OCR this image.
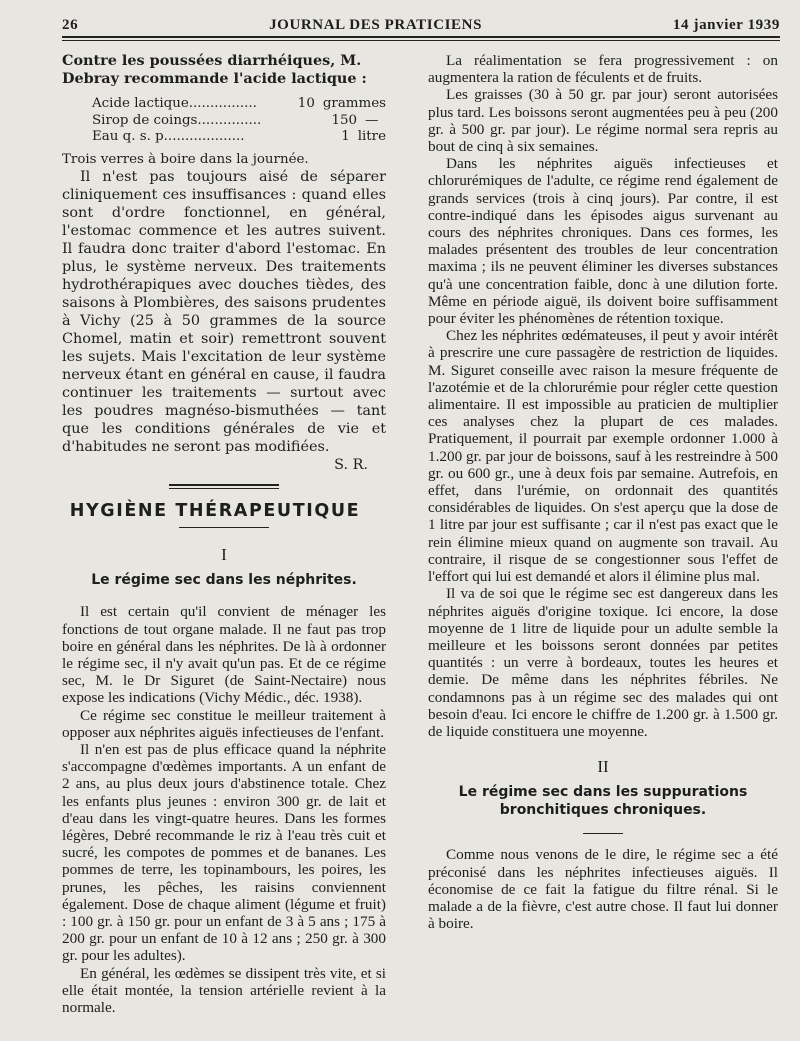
26	JOURNAL DES PRATICIENS	14 janvier 1939

Contre les poussées diarrhéiques, M. Debray recommande l'acide lactique :

Acide lactique................	10 grammes
Sirop de coings...............	150 —
Eau q. s. p...................	1 litre

Trois verres à boire dans la journée.

Il n'est pas toujours aisé de séparer cliniquement ces insuffisances : quand elles sont d'ordre fonctionnel, en général, l'estomac commence et les autres suivent. Il faudra donc traiter d'abord l'estomac. En plus, le système nerveux. Des traitements hydrothérapiques avec douches tièdes, des saisons à Plombières, des saisons prudentes à Vichy (25 à 50 grammes de la source Chomel, matin et soir) remettront souvent les sujets. Mais l'excitation de leur système nerveux étant en général en cause, il faudra continuer les traitements — surtout avec les poudres magnéso-bismuthées — tant que les conditions générales de vie et d'habitudes ne seront pas modifiées.

S. R.

HYGIÈNE THÉRAPEUTIQUE
I
Le régime sec dans les néphrites.

Il est certain qu'il convient de ménager les fonctions de tout organe malade. Il ne faut pas trop boire en général dans les néphrites. De là à ordonner le régime sec, il n'y avait qu'un pas. Et de ce régime sec, M. le Dr Siguret (de Saint-Nectaire) nous expose les indications (Vichy Médic., déc. 1938).

Ce régime sec constitue le meilleur traitement à opposer aux néphrites aiguës infectieuses de l'enfant.

Il n'en est pas de plus efficace quand la néphrite s'accompagne d'œdèmes importants. A un enfant de 2 ans, au plus deux jours d'abstinence totale. Chez les enfants plus jeunes : environ 300 gr. de lait et d'eau dans les vingt-quatre heures. Dans les formes légères, Debré recommande le riz à l'eau très cuit et sucré, les compotes de pommes et de bananes. Les pommes de terre, les topinambours, les poires, les prunes, les pêches, les raisins conviennent également. Dose de chaque aliment (légume et fruit) : 100 gr. à 150 gr. pour un enfant de 3 à 5 ans ; 175 à 200 gr. pour un enfant de 10 à 12 ans ; 250 gr. à 300 gr. pour les adultes).

En général, les œdèmes se dissipent très vite, et si elle était montée, la tension artérielle revient à la normale.

La réalimentation se fera progressivement : on augmentera la ration de féculents et de fruits.

Les graisses (30 à 50 gr. par jour) seront autorisées plus tard. Les boissons seront augmentées peu à peu (200 gr. à 500 gr. par jour). Le régime normal sera repris au bout de cinq à six semaines.

Dans les néphrites aiguës infectieuses et chlorurémiques de l'adulte, ce régime rend également de grands services (trois à cinq jours). Par contre, il est contre-indiqué dans les épisodes aigus survenant au cours des néphrites chroniques. Dans ces formes, les malades présentent des troubles de leur concentration maxima ; ils ne peuvent éliminer les diverses substances qu'à une concentration faible, donc à une dilution forte. Même en période aiguë, ils doivent boire suffisamment pour éviter les phénomènes de rétention toxique.

Chez les néphrites œdémateuses, il peut y avoir intérêt à prescrire une cure passagère de restriction de liquides. M. Siguret conseille avec raison la mesure fréquente de l'azotémie et de la chlorurémie pour régler cette question alimentaire. Il est impossible au praticien de multiplier ces analyses chez la plupart de ces malades. Pratiquement, il pourrait par exemple ordonner 1.000 à 1.200 gr. par jour de boissons, sauf à les restreindre à 500 gr. ou 600 gr., une à deux fois par semaine. Autrefois, en effet, dans l'urémie, on ordonnait des quantités considérables de liquides. On s'est aperçu que la dose de 1 litre par jour est suffisante ; car il n'est pas exact que le rein élimine mieux quand on augmente son travail. Au contraire, il risque de se congestionner sous l'effet de l'effort qui lui est demandé et alors il élimine plus mal.

Il va de soi que le régime sec est dangereux dans les néphrites aiguës d'origine toxique. Ici encore, la dose moyenne de 1 litre de liquide pour un adulte semble la meilleure et les boissons seront données par petites quantités : un verre à bordeaux, toutes les heures et demie. De même dans les néphrites fébriles. Ne condamnons pas à un régime sec des malades qui ont besoin d'eau. Ici encore le chiffre de 1.200 gr. à 1.500 gr. de liquide constituera une moyenne.

II
Le régime sec dans les suppurations bronchitiques chroniques.

Comme nous venons de le dire, le régime sec a été préconisé dans les néphrites infectieuses aiguës. Il économise de ce fait la fatigue du filtre rénal. Si le malade a de la fièvre, c'est autre chose. Il faut lui donner à boire.
